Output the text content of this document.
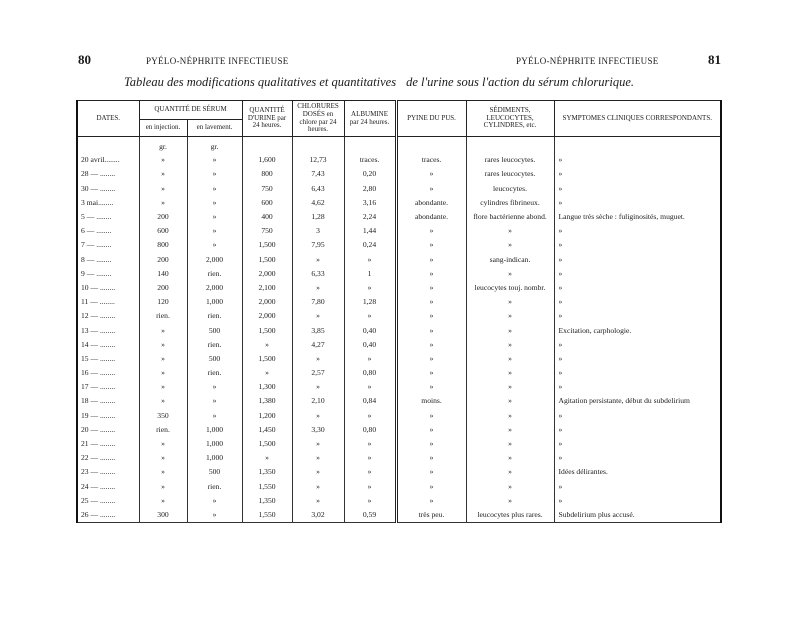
80	PYÉLO-NÉPHRITE INFECTIEUSE	PYÉLO-NÉPHRITE INFECTIEUSE	81
Tableau des modifications qualitatives et quantitatives de l'urine sous l'action du sérum chlorurique.
DATES.	QUANTITÉ DE SÉRUM		QUANTITÉ D'URINE par 24 heures.	CHLORURES DOSÉS en chlore par 24 heures.	ALBUMINE par 24 heures.	PYINE DU PUS.	SÉDIMENTS, LEUCOCYTES, CYLINDRES, etc.	SYMPTOMES CLINIQUES CORRESPONDANTS.
	en injection.	en lavement.						
	gr.	gr.						
20 avril........	»	»	1,600	12,73	traces.	traces.	rares leucocytes.	»
28 — ........	»	»	800	7,43	0,20	»	rares leucocytes.	»
30 — ........	»	»	750	6,43	2,80	»	leucocytes.	»
3 mai........	»	»	600	4,62	3,16	abondante.	cylindres fibrineux.	»
5 — ........	200	»	400	1,28	2,24	abondante.	flore bactérienne abond.	Langue très sèche : fuliginosités, muguet.
6 — ........	600	»	750	3	1,44	»	»	»
7 — ........	800	»	1,500	7,95	0,24	»	»	»
8 — ........	200	2,000	1,500	»	»	»	sang-indican.	»
9 — ........	140	rien.	2,000	6,33	1	»	»	»
10 — ........	200	2,000	2,100	»	»	»	leucocytes touj. nombr.	»
11 — ........	120	1,000	2,000	7,80	1,28	»	»	»
12 — ........	rien.	rien.	2,000	»	»	»	»	»
13 — ........	»	500	1,500	3,85	0,40	»	»	Excitation, carphologie.
14 — ........	»	rien.	»	4,27	0,40	»	»	»
15 — ........	»	500	1,500	»	»	»	»	»
16 — ........	»	rien.	»	2,57	0,80	»	»	»
17 — ........	»	»	1,300	»	»	»	»	»
18 — ........	»	»	1,380	2,10	0,84	moins.	»	Agitation persistante, début du subdelirium
19 — ........	350	»	1,200	»	»	»	»	»
20 — ........	rien.	1,000	1,450	3,30	0,80	»	»	»
21 — ........	»	1,000	1,500	»	»	»	»	»
22 — ........	»	1,000	»	»	»	»	»	»
23 — ........	»	500	1,350	»	»	»	»	Idées délirantes.
24 — ........	»	rien.	1,550	»	»	»	»	»
25 — ........	»	»	1,350	»	»	»	»	»
26 — ........	300	»	1,550	3,02	0,59	très peu.	leucocytes plus rares.	Subdelirium plus accusé.
